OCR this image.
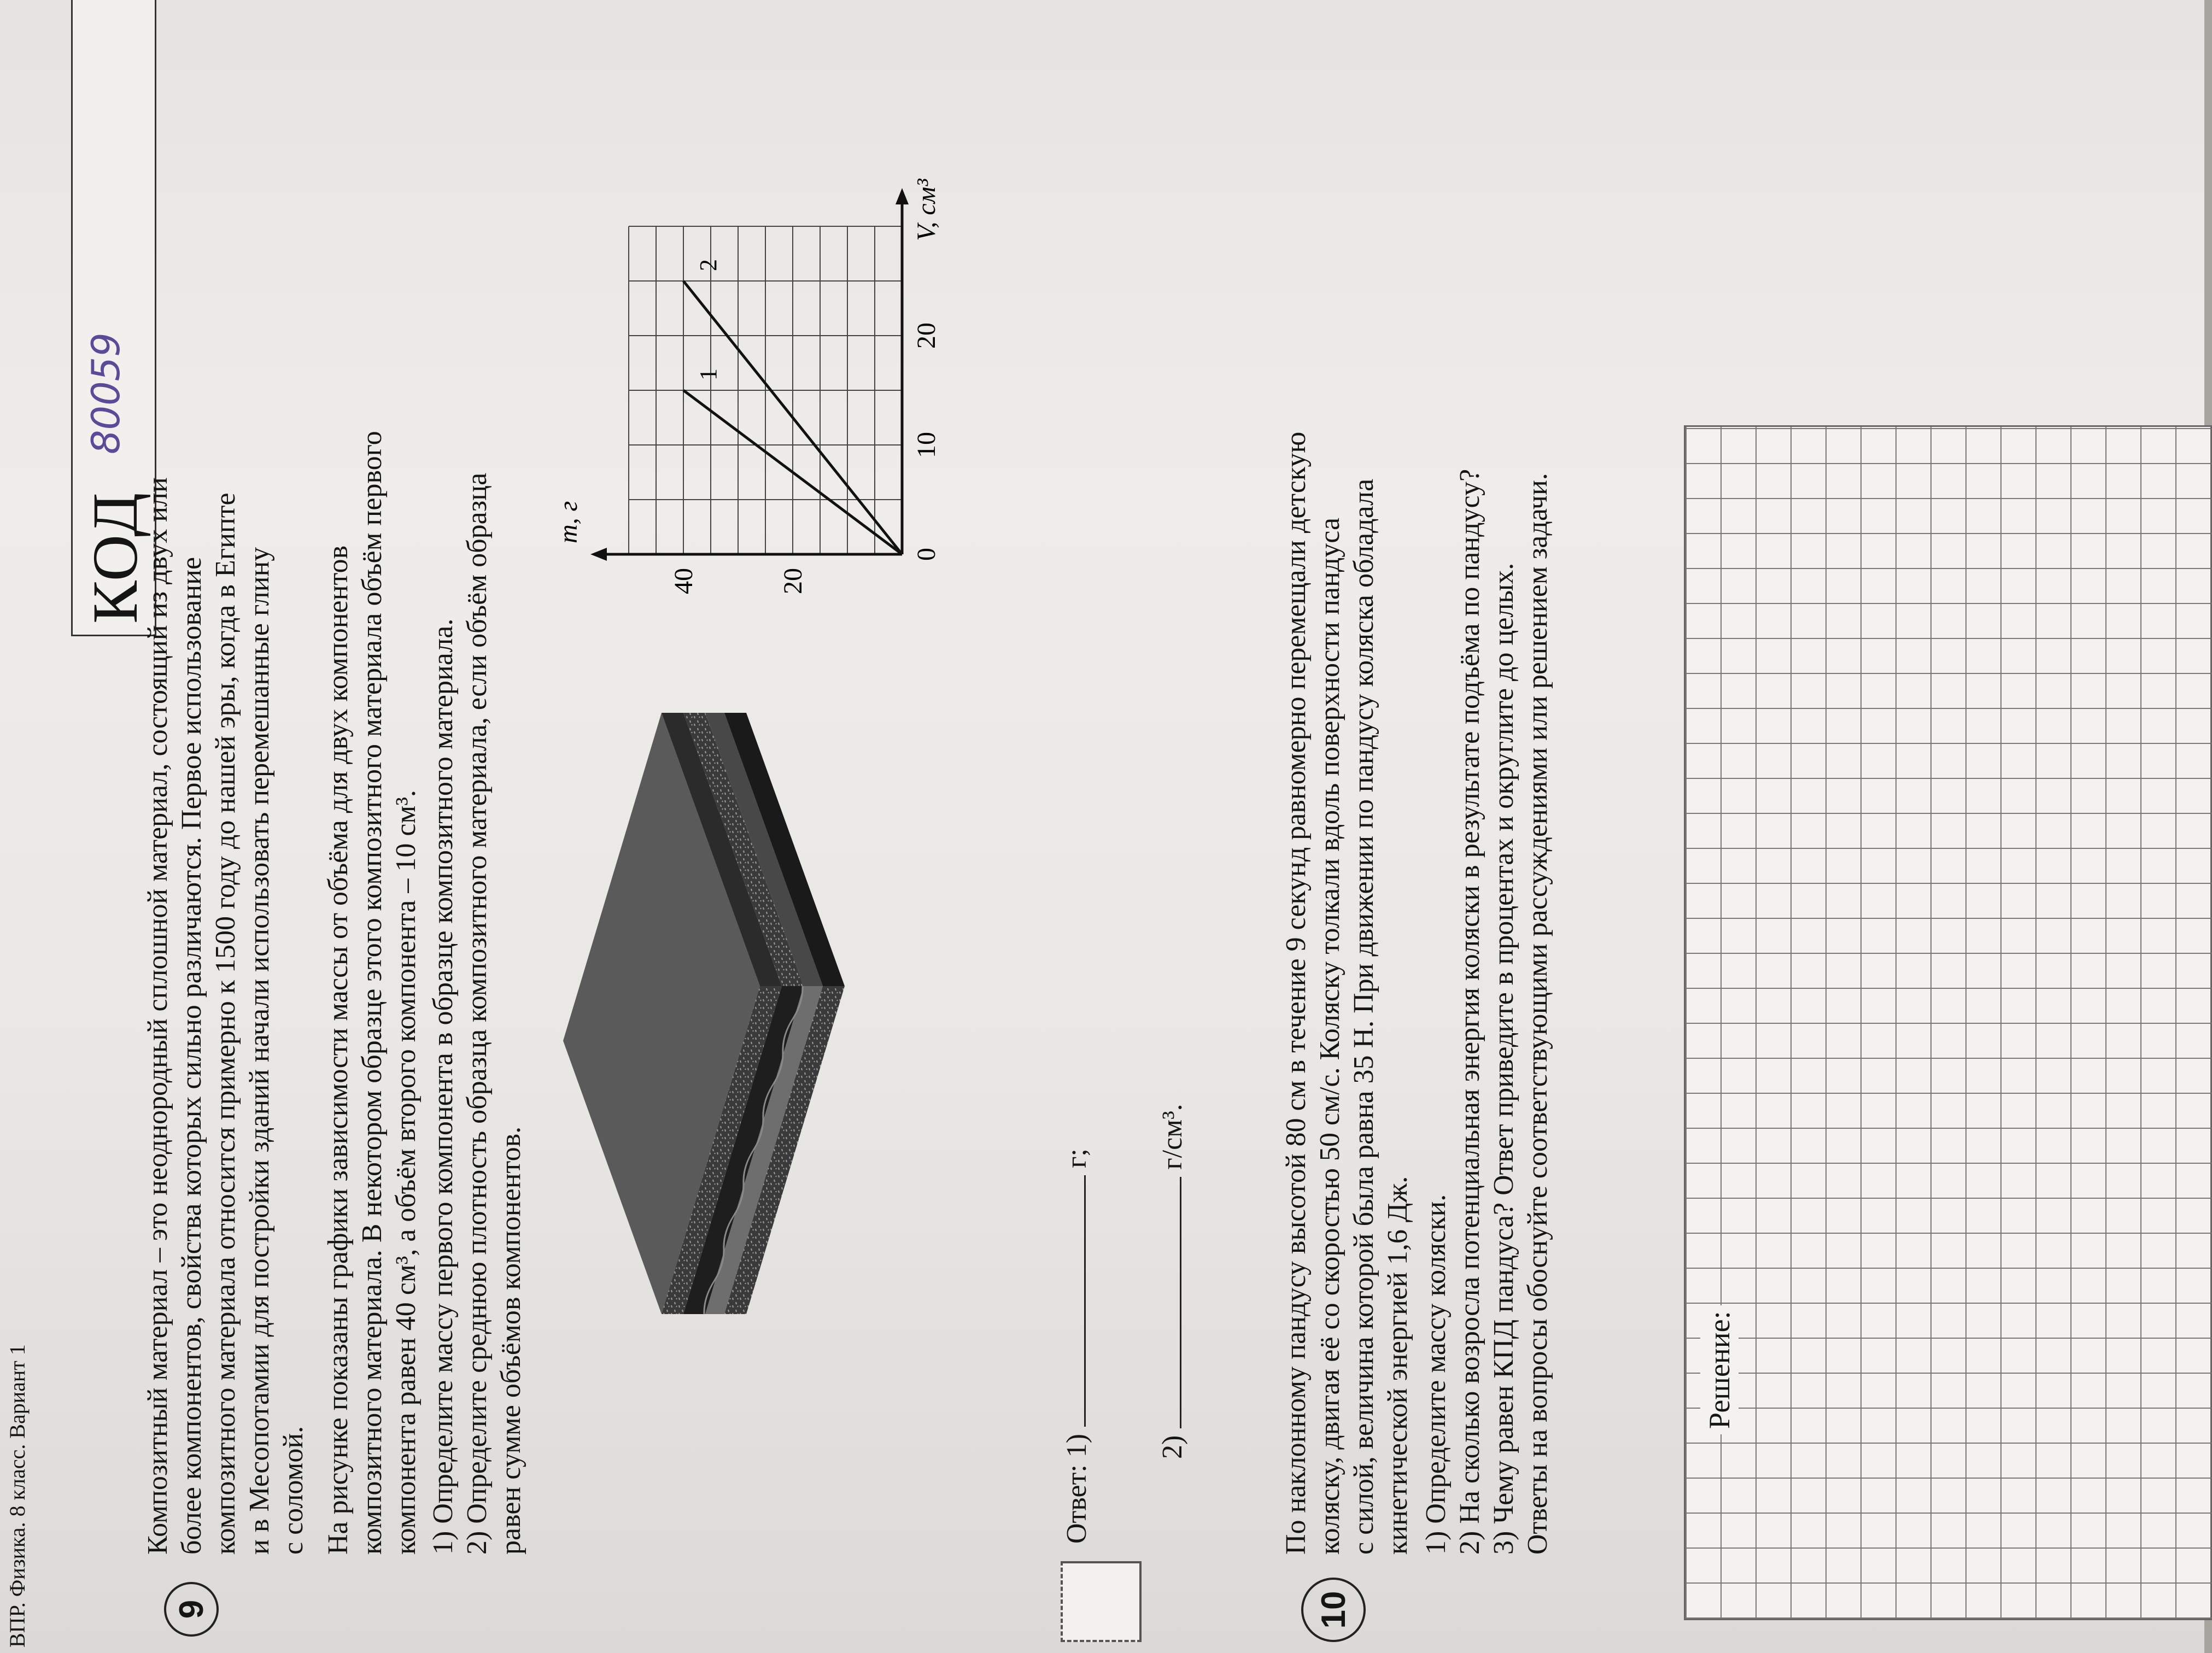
ВПР. Физика. 8 класс. Вариант 1
КОД
80059
9
Композитный материал – это неоднородный сплошной материал, состоящий из двух или более компонентов, свойства которых сильно различаются. Первое использование композитного материала относится примерно к 1500 году до нашей эры, когда в Египте и в Месопотамии для постройки зданий начали использовать перемешанные глину с соломой. На рисунке показаны графики зависимости массы от объёма для двух компонентов композитного материала. В некотором образце этого композитного материала объём первого компонента равен 40 см³, а объём второго компонента – 10 см³. 1) Определите массу первого компонента в образце композитного материала. 2) Определите среднюю плотность образца композитного материала, если объём образца равен сумме объёмов компонентов.
0
10
20
20
40
V, см³
m, г
1
2
Ответ: 1)  г;
2)  г/см³.
10
По наклонному пандусу высотой 80 см в течение 9 секунд равномерно перемещали детскую коляску, двигая её со скоростью 50 см/с. Коляску толкали вдоль поверхности пандуса с силой, величина которой была равна 35 Н. При движении по пандусу коляска обладала кинетической энергией 1,6 Дж. 1) Определите массу коляски. 2) На сколько возросла потенциальная энергия коляски в результате подъёма по пандусу? 3) Чему равен КПД пандуса? Ответ приведите в процентах и округлите до целых. Ответы на вопросы обоснуйте соответствующими рассуждениями или решением задачи.	Решение:
